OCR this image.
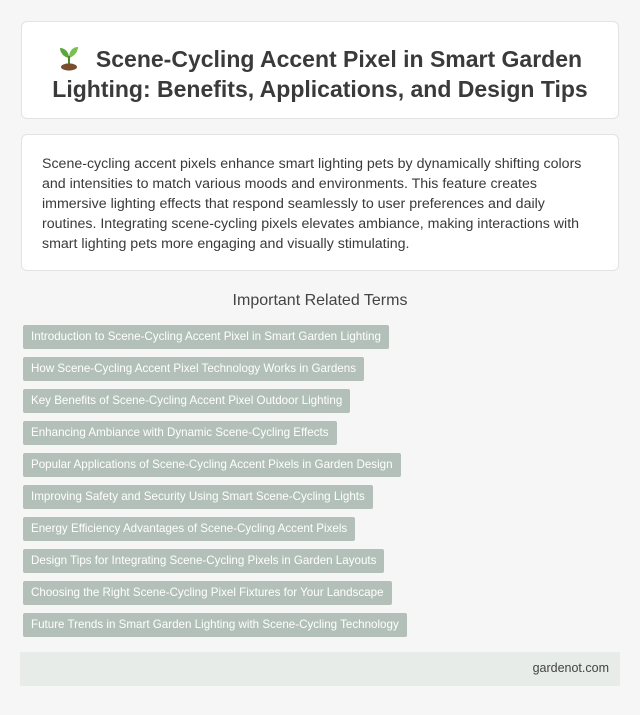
Scene-Cycling Accent Pixel in Smart Garden Lighting: Benefits, Applications, and Design Tips

Scene-cycling accent pixels enhance smart lighting pets by dynamically shifting colors and intensities to match various moods and environments. This feature creates immersive lighting effects that respond seamlessly to user preferences and daily routines. Integrating scene-cycling pixels elevates ambiance, making interactions with smart lighting pets more engaging and visually stimulating.

Important Related Terms
Introduction to Scene-Cycling Accent Pixel in Smart Garden Lighting
How Scene-Cycling Accent Pixel Technology Works in Gardens
Key Benefits of Scene-Cycling Accent Pixel Outdoor Lighting
Enhancing Ambiance with Dynamic Scene-Cycling Effects
Popular Applications of Scene-Cycling Accent Pixels in Garden Design
Improving Safety and Security Using Smart Scene-Cycling Lights
Energy Efficiency Advantages of Scene-Cycling Accent Pixels
Design Tips for Integrating Scene-Cycling Pixels in Garden Layouts
Choosing the Right Scene-Cycling Pixel Fixtures for Your Landscape
Future Trends in Smart Garden Lighting with Scene-Cycling Technology
gardenot.com
